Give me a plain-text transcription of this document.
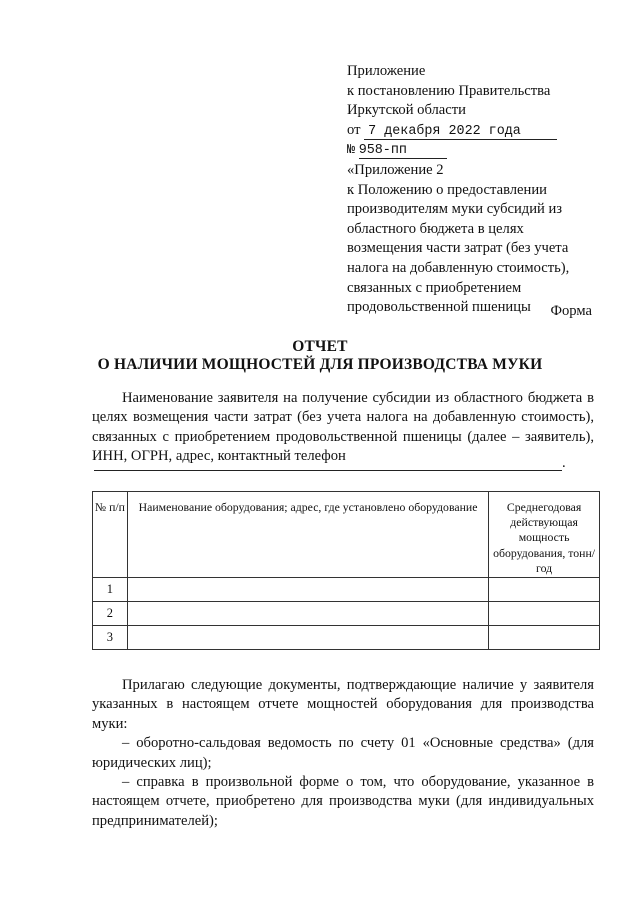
Приложение
к постановлению Правительства
Иркутской области
от 7 декабря 2022 года
№ 958-пп
«Приложение 2
к Положению о предоставлении
производителям муки субсидий из
областного бюджета в целях
возмещения части затрат (без учета
налога на добавленную стоимость),
связанных с приобретением
продовольственной пшеницы	Форма
ОТЧЕТ
О НАЛИЧИИ МОЩНОСТЕЙ ДЛЯ ПРОИЗВОДСТВА МУКИ
Наименование заявителя на получение субсидии из областного бюджета в целях возмещения части затрат (без учета налога на добавленную стоимость), связанных с приобретением продовольственной пшеницы (далее – заявитель), ИНН, ОГРН, адрес, контактный телефон	.
№ п/п	Наименование оборудования; адрес, где установлено оборудование	Среднегодовая действующая мощность оборудования, тонн/год
1		
2		
3		
Прилагаю следующие документы, подтверждающие наличие у заявителя указанных в настоящем отчете мощностей оборудования для производства муки:
– оборотно-сальдовая ведомость по счету 01 «Основные средства» (для юридических лиц);
– справка в произвольной форме о том, что оборудование, указанное в настоящем отчете, приобретено для производства муки (для индивидуальных предпринимателей);
